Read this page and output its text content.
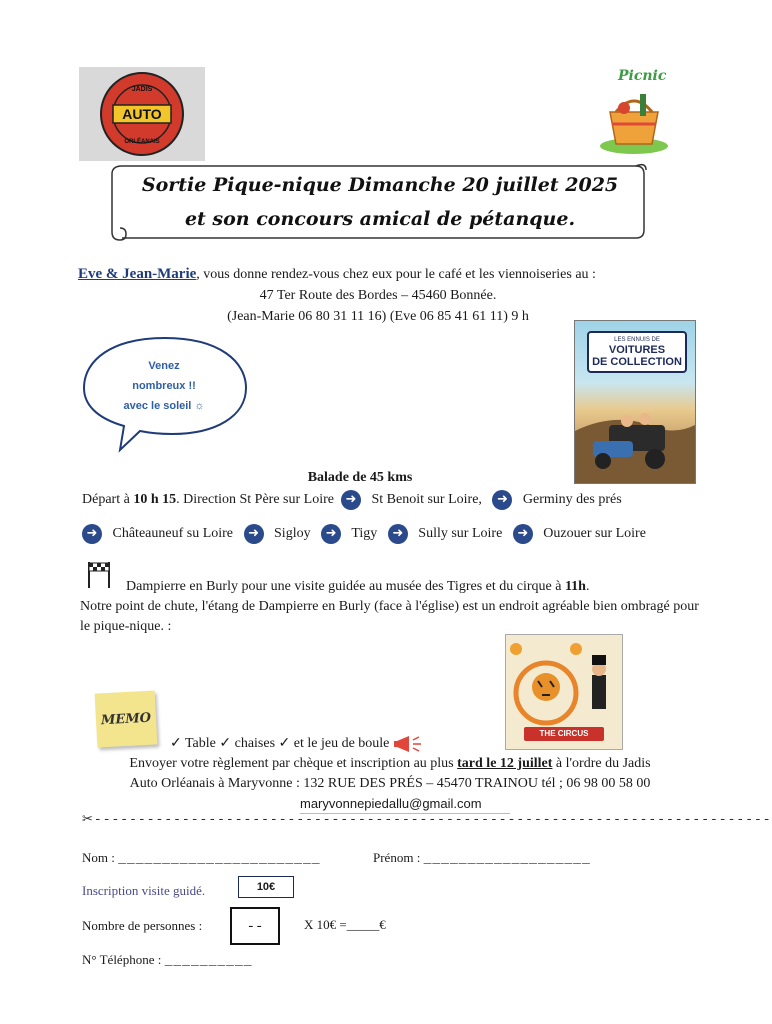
JADIS
AUTO
ORLÉANAIS
Picnic
Sortie Pique-nique Dimanche 20 juillet 2025
et son concours amical de pétanque.
Eve & Jean-Marie, vous donne rendez-vous chez eux pour le café et les viennoiseries au :
47 Ter Route des Bordes – 45460 Bonnée.
(Jean-Marie 06 80 31 11 16) (Eve 06 85 41 61 11) 9 h
Venez
nombreux !!
avec le soleil ☼
LES ENNUIS DE
VOITURES
DE COLLECTION
Balade de 45 kms
Départ à 10 h 15. Direction St Père sur Loire ➜ St Benoit sur Loire, ➜ Germiny des prés
➜ Châteauneuf su Loire ➜ Sigloy ➜ Tigy ➜ Sully sur Loire ➜ Ouzouer sur Loire
Dampierre en Burly pour une visite guidée au musée des Tigres et du cirque à 11h.
Notre point de chute, l'étang de Dampierre en Burly (face à l'église) est un endroit agréable bien ombragé pour le pique-nique. :
THE CIRCUS
MEMO
✓ Table ✓ chaises ✓ et le jeu de boule
Envoyer votre règlement par chèque et inscription au plus tard le 12 juillet à l'ordre du Jadis
Auto Orléanais à Maryvonne : 132 RUE DES PRÉS – 45470 TRAINOU tél ; 06 98 00 58 00
maryvonnepiedallu@gmail.com
✂-----------------------------------------------------------------------------
Nom : _______________________	Prénom : ___________________
Inscription visite guidé.	10€
Nombre de personnes :	--	X 10€ =_____€
N° Téléphone : __________
